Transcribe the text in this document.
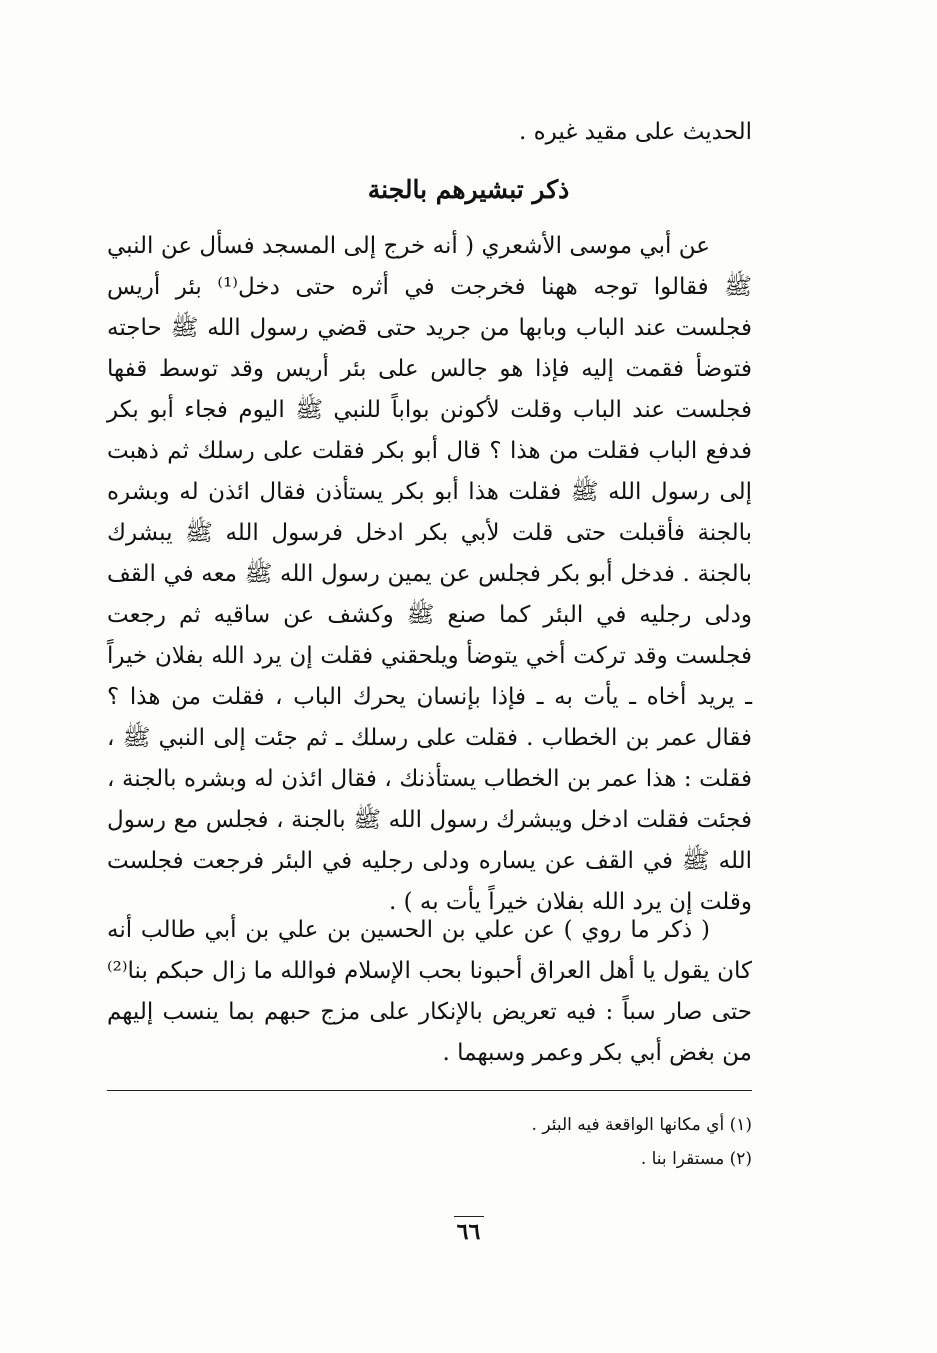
الحديث على مقيد غيره .
ذكر تبشيرهم بالجنة

عن أبي موسى الأشعري ( أنه خرج إلى المسجد فسأل عن النبي ﷺ فقالوا توجه ههنا فخرجت في أثره حتى دخل⁽¹⁾ بئر أريس فجلست عند الباب وبابها من جريد حتى قضي رسول الله ﷺ حاجته فتوضأ فقمت إليه فإذا هو جالس على بئر أريس وقد توسط قفها فجلست عند الباب وقلت لأكونن بواباً للنبي ﷺ اليوم فجاء أبو بكر فدفع الباب فقلت من هذا ؟ قال أبو بكر فقلت على رسلك ثم ذهبت إلى رسول الله ﷺ فقلت هذا أبو بكر يستأذن فقال ائذن له وبشره بالجنة فأقبلت حتى قلت لأبي بكر ادخل فرسول الله ﷺ يبشرك بالجنة . فدخل أبو بكر فجلس عن يمين رسول الله ﷺ معه في القف ودلى رجليه في البئر كما صنع ﷺ وكشف عن ساقيه ثم رجعت فجلست وقد تركت أخي يتوضأ ويلحقني فقلت إن يرد الله بفلان خيراً ـ يريد أخاه ـ يأت به ـ فإذا بإنسان يحرك الباب ، فقلت من هذا ؟ فقال عمر بن الخطاب . فقلت على رسلك ـ ثم جئت إلى النبي ﷺ ، فقلت : هذا عمر بن الخطاب يستأذنك ، فقال ائذن له وبشره بالجنة ، فجئت فقلت ادخل ويبشرك رسول الله ﷺ بالجنة ، فجلس مع رسول الله ﷺ في القف عن يساره ودلى رجليه في البئر فرجعت فجلست وقلت إن يرد الله بفلان خيراً يأت به ) .

( ذكر ما روي ) عن علي بن الحسين بن علي بن أبي طالب أنه كان يقول يا أهل العراق أحبونا بحب الإسلام فوالله ما زال حبكم بنا⁽²⁾ حتى صار سباً : فيه تعريض بالإنكار على مزج حبهم بما ينسب إليهم من بغض أبي بكر وعمر وسبهما .

(١) أي مكانها الواقعة فيه البئر .
(٢) مستقرا بنا .
٦٦
